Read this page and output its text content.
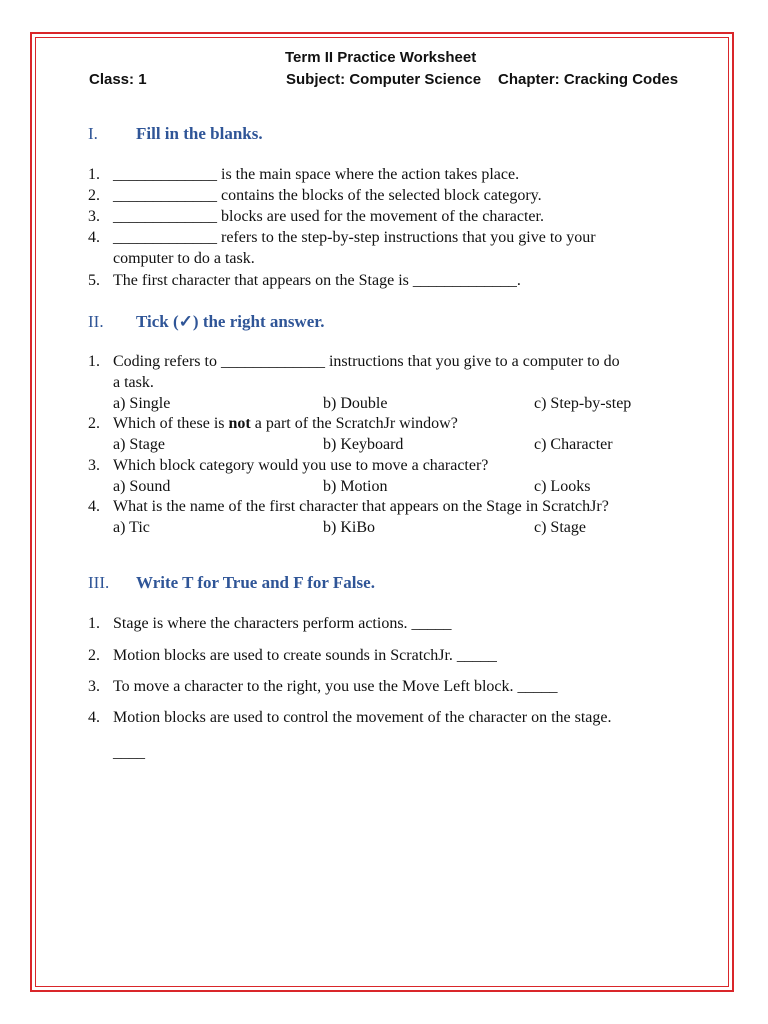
Term II Practice Worksheet
Class: 1	Subject: Computer Science Chapter: Cracking Codes
I. Fill in the blanks.
1. _____________ is the main space where the action takes place.
2. _____________ contains the blocks of the selected block category.
3. _____________ blocks are used for the movement of the character.
4. _____________ refers to the step-by-step instructions that you give to your
computer to do a task.
5. The first character that appears on the Stage is _____________.
II. Tick (✓) the right answer.
1. Coding refers to _____________ instructions that you give to a computer to do
a task.
a) Single	b) Double	c) Step-by-step
2. Which of these is not a part of the ScratchJr window?
a) Stage	b) Keyboard	c) Character
3. Which block category would you use to move a character?
a) Sound	b) Motion	c) Looks
4. What is the name of the first character that appears on the Stage in ScratchJr?
a) Tic	b) KiBo	c) Stage
III. Write T for True and F for False.
1. Stage is where the characters perform actions. _____
2. Motion blocks are used to create sounds in ScratchJr. _____
3. To move a character to the right, you use the Move Left block. _____
4. Motion blocks are used to control the movement of the character on the stage.
____
